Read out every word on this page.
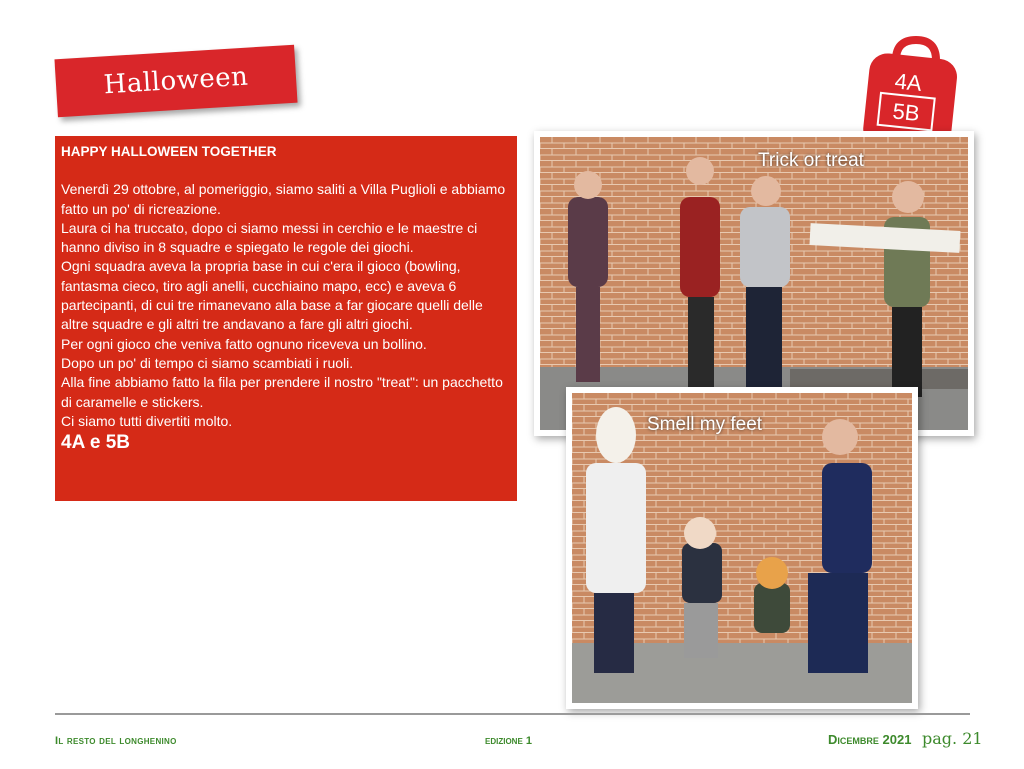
Halloween	4A
5B
HAPPY HALLOWEEN TOGETHER

Venerdì 29 ottobre, al pomeriggio, siamo saliti a Villa Puglioli e abbiamo fatto un po' di ricreazione.

Laura ci ha truccato, dopo ci siamo messi in cerchio e le maestre ci hanno diviso in 8 squadre e spiegato le regole dei giochi.

Ogni squadra aveva la propria base in cui c'era il gioco (bowling, fantasma cieco, tiro agli anelli, cucchiaino mapo, ecc) e aveva 6 partecipanti, di cui tre rimanevano alla base a far giocare quelli delle altre squadre e gli altri tre andavano a fare gli altri giochi.

Per ogni gioco che veniva fatto ognuno riceveva un bollino.

Dopo un po' di tempo ci siamo scambiati i ruoli.

Alla fine abbiamo fatto la fila per prendere il nostro "treat": un pacchetto di caramelle e stickers.

Ci siamo tutti divertiti molto.

4A e 5B
Trick or treat
Smell my feet
Il resto del longhenino	edizione 1	Dicembre 2021 pag. 21
